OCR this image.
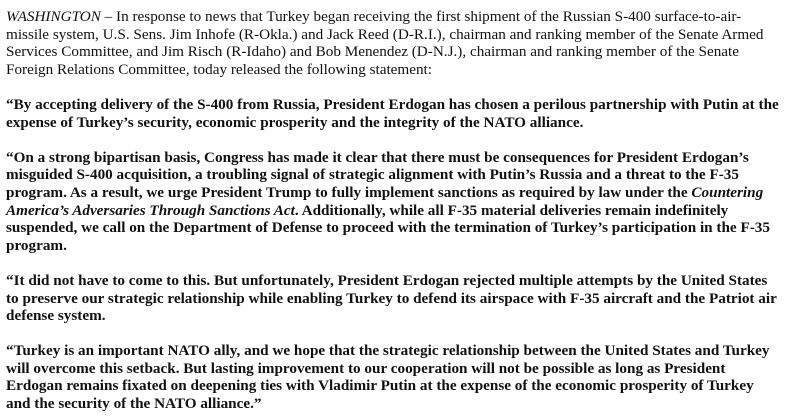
WASHINGTON – In response to news that Turkey began receiving the first shipment of the Russian S-400 surface-to-air-missile system, U.S. Sens. Jim Inhofe (R-Okla.) and Jack Reed (D-R.I.), chairman and ranking member of the Senate Armed Services Committee, and Jim Risch (R-Idaho) and Bob Menendez (D-N.J.), chairman and ranking member of the Senate Foreign Relations Committee, today released the following statement:

“By accepting delivery of the S-400 from Russia, President Erdogan has chosen a perilous partnership with Putin at the expense of Turkey’s security, economic prosperity and the integrity of the NATO alliance.

“On a strong bipartisan basis, Congress has made it clear that there must be consequences for President Erdogan’s misguided S-400 acquisition, a troubling signal of strategic alignment with Putin’s Russia and a threat to the F-35 program. As a result, we urge President Trump to fully implement sanctions as required by law under the Countering America’s Adversaries Through Sanctions Act. Additionally, while all F-35 material deliveries remain indefinitely suspended, we call on the Department of Defense to proceed with the termination of Turkey’s participation in the F-35 program.

“It did not have to come to this. But unfortunately, President Erdogan rejected multiple attempts by the United States to preserve our strategic relationship while enabling Turkey to defend its airspace with F-35 aircraft and the Patriot air defense system.

“Turkey is an important NATO ally, and we hope that the strategic relationship between the United States and Turkey will overcome this setback. But lasting improvement to our cooperation will not be possible as long as President Erdogan remains fixated on deepening ties with Vladimir Putin at the expense of the economic prosperity of Turkey and the security of the NATO alliance.”
